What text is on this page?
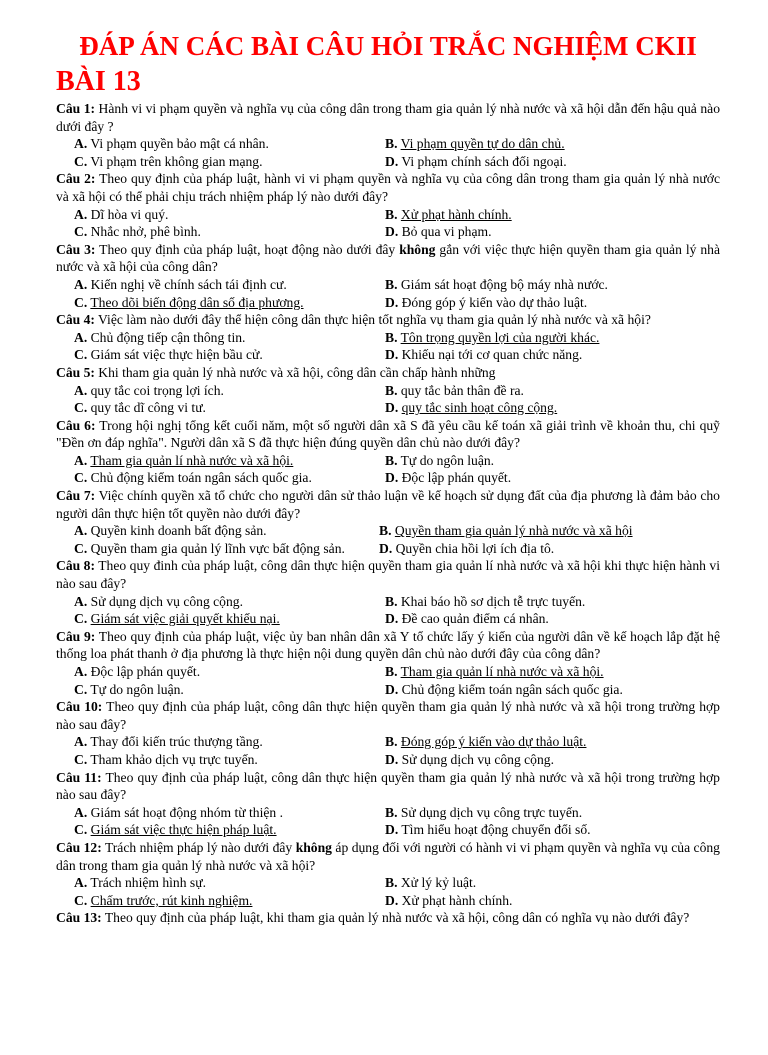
ĐÁP ÁN CÁC BÀI CÂU HỎI TRẮC NGHIỆM CKII
BÀI 13
Câu 1: Hành vi vi phạm quyền và nghĩa vụ của công dân trong tham gia quản lý nhà nước và xã hội dẫn đến hậu quả nào dưới đây ?
A. Vi phạm quyền bảo mật cá nhân.	B. Vi phạm quyền tự do dân chủ.
C. Vi phạm trên không gian mạng.	D. Vi phạm chính sách đối ngoại.
Câu 2: Theo quy định của pháp luật, hành vi vi phạm quyền và nghĩa vụ của công dân trong tham gia quản lý nhà nước và xã hội có thể phải chịu trách nhiệm pháp lý nào dưới đây?
A. Dĩ hòa vi quý.	B. Xử phạt hành chính.
C. Nhắc nhở, phê bình.	D. Bỏ qua vi phạm.
Câu 3: Theo quy định của pháp luật, hoạt động nào dưới đây không gắn với việc thực hiện quyền tham gia quản lý nhà nước và xã hội của công dân?
A. Kiến nghị về chính sách tái định cư.	B. Giám sát hoạt động bộ máy nhà nước.
C. Theo dõi biến động dân số địa phương.	D. Đóng góp ý kiến vào dự thảo luật.
Câu 4: Việc làm nào dưới đây thể hiện công dân thực hiện tốt nghĩa vụ tham gia quản lý nhà nước và xã hội?
A. Chủ động tiếp cận thông tin.	B. Tôn trọng quyền lợi của người khác.
C. Giám sát việc thực hiện bầu cử.	D. Khiếu nại tới cơ quan chức năng.
Câu 5: Khi tham gia quản lý nhà nước và xã hội, công dân cần chấp hành những
A. quy tắc coi trọng lợi ích.	B. quy tắc bản thân đề ra.
C. quy tắc dĩ công vi tư.	D. quy tắc sinh hoạt công cộng.
Câu 6: Trong hội nghị tổng kết cuối năm, một số người dân xã S đã yêu cầu kế toán xã giải trình về khoản thu, chi quỹ "Đền ơn đáp nghĩa". Người dân xã S đã thực hiện đúng quyền dân chủ nào dưới đây?
A. Tham gia quản lí nhà nước và xã hội.	B. Tự do ngôn luận.
C. Chủ động kiểm toán ngân sách quốc gia.	D. Độc lập phán quyết.
Câu 7: Việc chính quyền xã tổ chức cho người dân sử thảo luận về kế hoạch sử dụng đất của địa phương là đảm bảo cho người dân thực hiện tốt quyền nào dưới đây?
A. Quyền kinh doanh bất động sản.	B. Quyền tham gia quản lý nhà nước và xã hội
C. Quyền tham gia quản lý lĩnh vực bất động sản.	D. Quyền chia hồi lợi ích địa tô.
Câu 8: Theo quy đinh của pháp luật, công dân thực hiện quyền tham gia quản lí nhà nước và xã hội khi thực hiện hành vi nào sau đây?
A. Sử dụng dịch vụ công cộng.	B. Khai báo hồ sơ dịch tễ trực tuyến.
C. Giám sát việc giải quyết khiếu nại.	D. Đề cao quản điểm cá nhân.
Câu 9: Theo quy định của pháp luật, việc ủy ban nhân dân xã Y tổ chức lấy ý kiến của người dân về kế hoạch lắp đặt hệ thống loa phát thanh ở địa phương là thực hiện nội dung quyền dân chủ nào dưới đây của công dân?
A. Độc lập phán quyết.	B. Tham gia quản lí nhà nước và xã hội.
C. Tự do ngôn luận.	D. Chủ động kiểm toán ngân sách quốc gia.
Câu 10: Theo quy định của pháp luật, công dân thực hiện quyền tham gia quản lý nhà nước và xã hội trong trường hợp nào sau đây?
A. Thay đổi kiến trúc thượng tầng.	B. Đóng góp ý kiến vào dự thảo luật.
C. Tham khảo dịch vụ trực tuyến.	D. Sử dụng dịch vụ công cộng.
Câu 11: Theo quy định của pháp luật, công dân thực hiện quyền tham gia quản lý nhà nước và xã hội trong trường hợp nào sau đây?
A. Giám sát hoạt động nhóm từ thiện .	B. Sử dụng dịch vụ công trực tuyến.
C. Giám sát việc thực hiện pháp luật.	D. Tìm hiểu hoạt động chuyển đổi số.
Câu 12: Trách nhiệm pháp lý nào dưới đây không áp dụng đối với người có hành vi vi phạm quyền và nghĩa vụ của công dân trong tham gia quản lý nhà nước và xã hội?
A. Trách nhiệm hình sự.	B. Xử lý kỷ luật.
C. Chấm trước, rút kinh nghiệm.	D. Xử phạt hành chính.
Câu 13: Theo quy định của pháp luật, khi tham gia quản lý nhà nước và xã hội, công dân có nghĩa vụ nào dưới đây?
